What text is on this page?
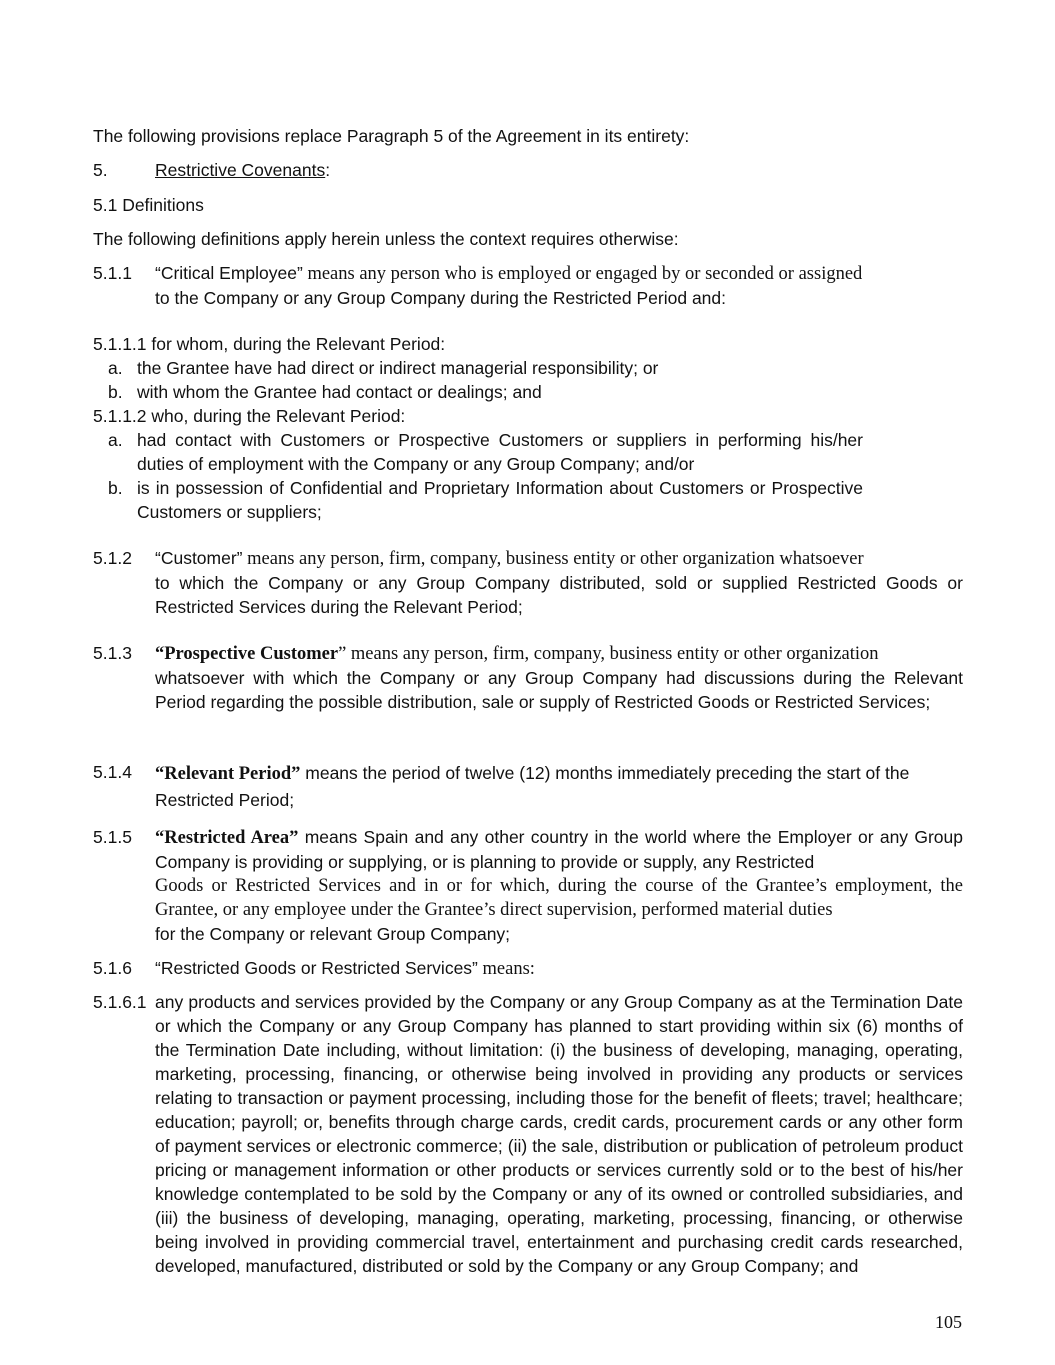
The following provisions replace Paragraph 5 of the Agreement in its entirety:
5.	Restrictive Covenants:
5.1 Definitions
The following definitions apply herein unless the context requires otherwise:
5.1.1 “Critical Employee” means any person who is employed or engaged by or seconded or assigned
to the Company or any Group Company during the Restricted Period and:
5.1.1.1 for whom, during the Relevant Period:
a. the Grantee have had direct or indirect managerial responsibility; or
b. with whom the Grantee had contact or dealings; and
5.1.1.2 who, during the Relevant Period:
a. had contact with Customers or Prospective Customers or suppliers in performing his/her duties of employment with the Company or any Group Company; and/or
b. is in possession of Confidential and Proprietary Information about Customers or Prospective Customers or suppliers;
5.1.2 “Customer” means any person, firm, company, business entity or other organization whatsoever
to which the Company or any Group Company distributed, sold or supplied Restricted Goods or Restricted Services during the Relevant Period;
5.1.3 “Prospective Customer” means any person, firm, company, business entity or other organization
whatsoever with which the Company or any Group Company had discussions during the Relevant Period regarding the possible distribution, sale or supply of Restricted Goods or Restricted Services;
5.1.4 “Relevant Period” means the period of twelve (12) months immediately preceding the start of the
Restricted Period;
5.1.5 “Restricted Area” means Spain and any other country in the world where the Employer or any Group Company is providing or supplying, or is planning to provide or supply, any Restricted
Goods or Restricted Services and in or for which, during the course of the Grantee’s employment, the Grantee, or any employee under the Grantee’s direct supervision, performed material duties
for the Company or relevant Group Company;
5.1.6 “Restricted Goods or Restricted Services” means:
5.1.6.1 any products and services provided by the Company or any Group Company as at the Termination Date or which the Company or any Group Company has planned to start providing within six (6) months of the Termination Date including, without limitation: (i) the business of developing, managing, operating, marketing, processing, financing, or otherwise being involved in providing any products or services relating to transaction or payment processing, including those for the benefit of fleets; travel; healthcare; education; payroll; or, benefits through charge cards, credit cards, procurement cards or any other form of payment services or electronic commerce; (ii) the sale, distribution or publication of petroleum product pricing or management information or other products or services currently sold or to the best of his/her knowledge contemplated to be sold by the Company or any of its owned or controlled subsidiaries, and (iii) the business of developing, managing, operating, marketing, processing, financing, or otherwise being involved in providing commercial travel, entertainment and purchasing credit cards researched, developed, manufactured, distributed or sold by the Company or any Group Company; and
105
